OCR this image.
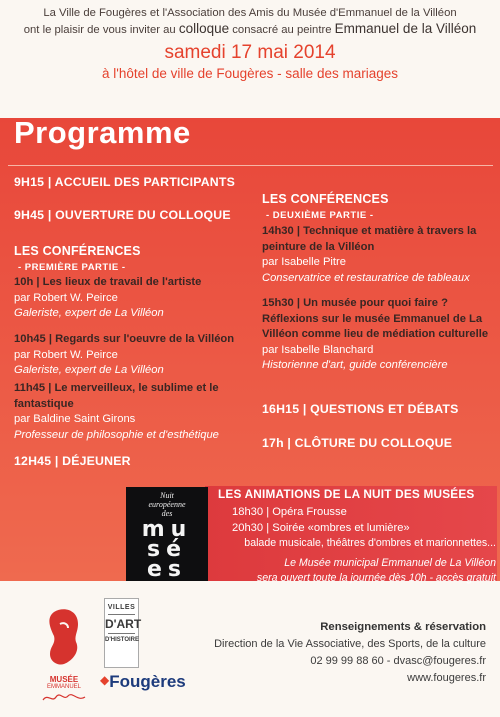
La Ville de Fougères et l'Association des Amis du Musée d'Emmanuel de la Villéon
ont le plaisir de vous inviter au colloque consacré au peintre Emmanuel de la Villéon
samedi 17 mai 2014
à l'hôtel de ville de Fougères - salle des mariages
Programme
9H15 | ACCUEIL DES PARTICIPANTS
9H45 | OUVERTURE DU COLLOQUE
LES CONFÉRENCES
- PREMIÈRE PARTIE -
10h | Les lieux de travail de l'artiste
par Robert W. Peirce
Galeriste, expert de La Villéon
10h45 | Regards sur l'oeuvre de la Villéon
par Robert W. Peirce
Galeriste, expert de La Villéon
11h45 | Le merveilleux, le sublime et le fantastique
par Baldine Saint Girons
Professeur de philosophie et d'esthétique
12H45 | DÉJEUNER
LES CONFÉRENCES
- DEUXIÈME PARTIE -
14h30 | Technique et matière à travers la
peinture de la Villéon
par Isabelle Pitre
Conservatrice et restauratrice de tableaux
15h30 | Un musée pour quoi faire ?
Réflexions sur le musée Emmanuel de La
Villéon comme lieu de médiation culturelle
par Isabelle Blanchard
Historienne d'art, guide conférencière
16H15 | QUESTIONS ET DÉBATS
17h | CLÔTURE DU COLLOQUE
Nuit
européenne
des
mu
sé
es
LES ANIMATIONS DE LA NUIT DES MUSÉES
18h30 | Opéra Frousse
20h30 | Soirée «ombres et lumière»
balade musicale, théâtres d'ombres et marionnettes...
Le Musée municipal Emmanuel de La Villéon
sera ouvert toute la journée dès 10h - accès gratuit
MUSÉE
EMMANUEL
VILLES
D'ART
D'HISTOIRE
◆Fougères
Renseignements & réservation
Direction de la Vie Associative, des Sports, de la culture
02 99 99 88 60 - dvasc@fougeres.fr
www.fougeres.fr
